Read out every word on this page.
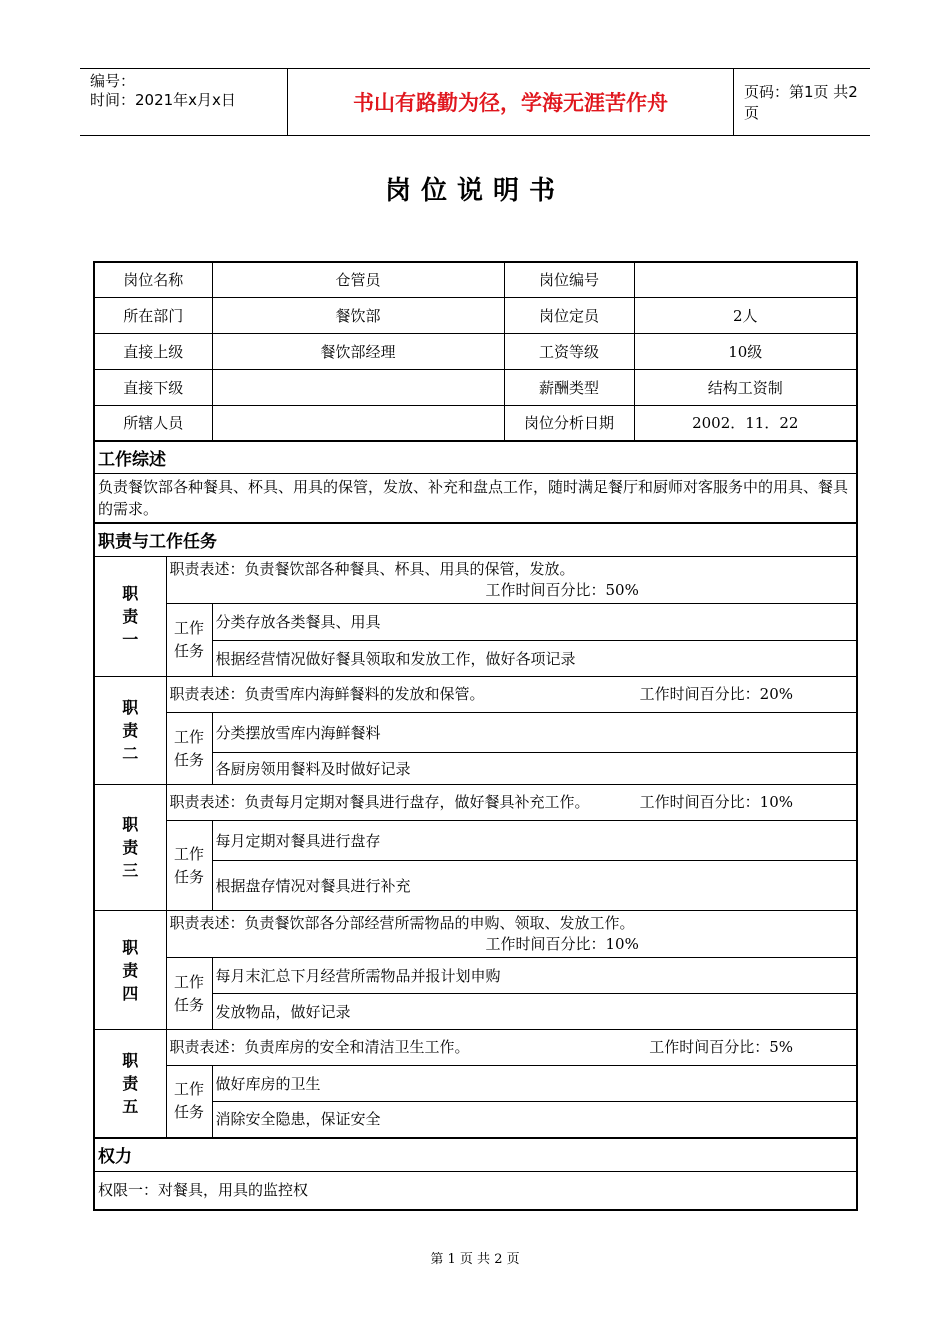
编号：
时间：2021年x月x日	书山有路勤为径，学海无涯苦作舟	页码：第1页 共2页
岗位说明书
岗位名称		仓管员	岗位编号	
所在部门		餐饮部	岗位定员	2人
直接上级		餐饮部经理	工资等级	10级
直接下级			薪酬类型	结构工资制
所辖人员			岗位分析日期	2002．11．22
工作综述				
负责餐饮部各种餐具、杯具、用具的保管，发放、补充和盘点工作，随时满足餐厅和厨师对客服务中的用具、餐具的需求。				
职责与工作任务				
职责一	职责表述：负责餐饮部各种餐具、杯具、用具的保管，发放。
工作时间百分比：50%			

	工作任务	分类存放各类餐具、用具		
		根据经营情况做好餐具领取和发放工作，做好各项记录		
职责二	职责表述：负责雪库内海鲜餐料的发放和保管。 工作时间百分比：20%			

	工作任务	分类摆放雪库内海鲜餐料		
		各厨房领用餐料及时做好记录		
职责三	职责表述：负责每月定期对餐具进行盘存，做好餐具补充工作。 工作时间百分比：10%			

	工作任务	每月定期对餐具进行盘存		
		根据盘存情况对餐具进行补充		
职责四	职责表述：负责餐饮部各分部经营所需物品的申购、领取、发放工作。
工作时间百分比：10%			

	工作任务	每月末汇总下月经营所需物品并报计划申购		
		发放物品，做好记录		
职责五	职责表述：负责库房的安全和清洁卫生工作。 工作时间百分比：5%			

	工作任务	做好库房的卫生		
		消除安全隐患，保证安全		
权力				
权限一：对餐具，用具的监控权				
第 1 页 共 2 页
